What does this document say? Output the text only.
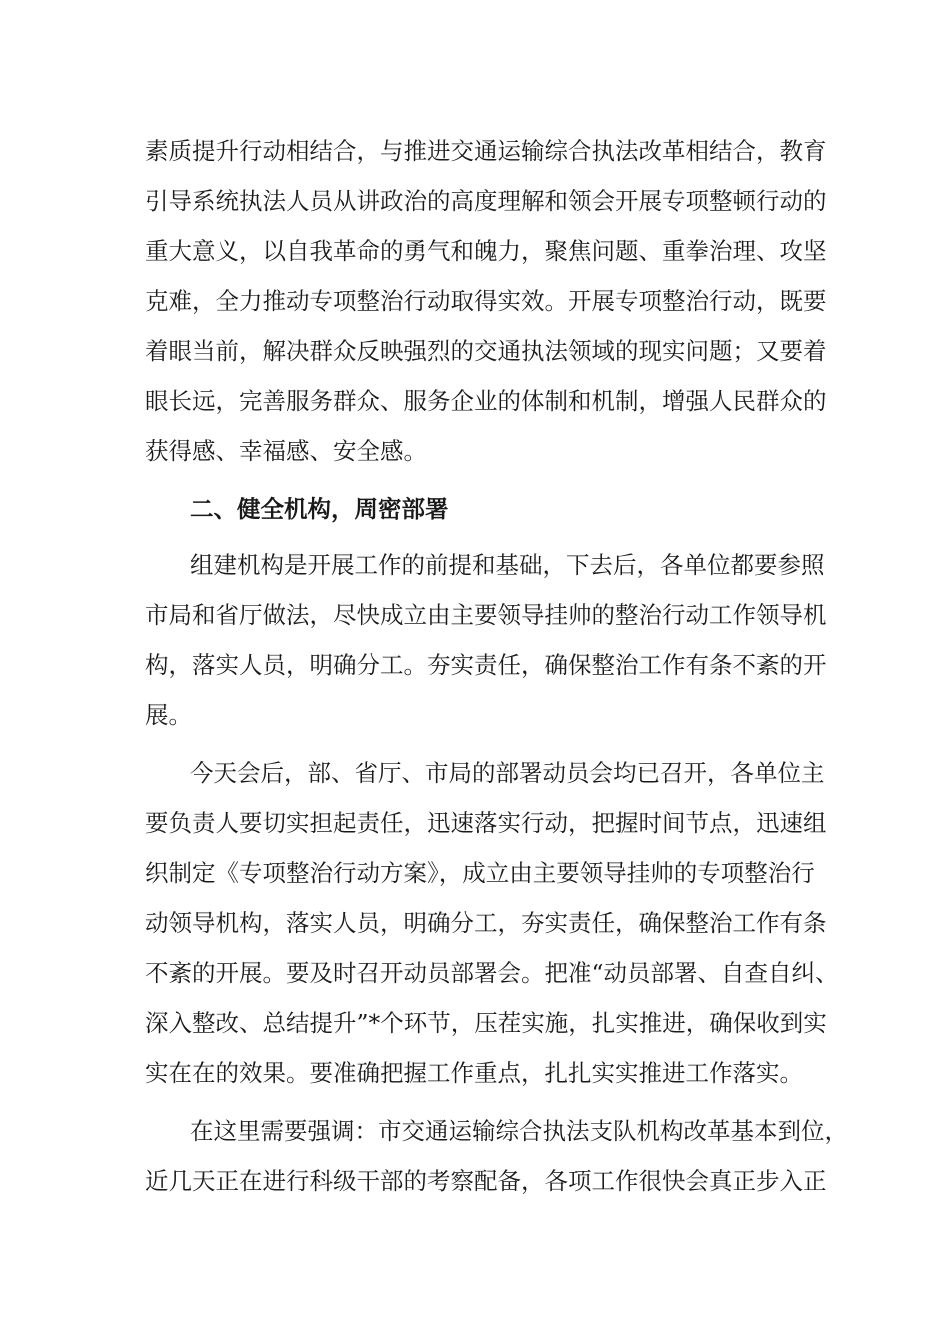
素质提升行动相结合，与推进交通运输综合执法改革相结合，教育
引导系统执法人员从讲政治的高度理解和领会开展专项整顿行动的
重大意义，以自我革命的勇气和魄力，聚焦问题、重拳治理、攻坚
克难，全力推动专项整治行动取得实效。开展专项整治行动，既要
着眼当前，解决群众反映强烈的交通执法领域的现实问题；又要着
眼长远，完善服务群众、服务企业的体制和机制，增强人民群众的
获得感、幸福感、安全感。
二、健全机构，周密部署
组建机构是开展工作的前提和基础，下去后，各单位都要参照
市局和省厅做法，尽快成立由主要领导挂帅的整治行动工作领导机
构，落实人员，明确分工。夯实责任，确保整治工作有条不紊的开
展。
今天会后，部、省厅、市局的部署动员会均已召开，各单位主
要负责人要切实担起责任，迅速落实行动，把握时间节点，迅速组
织制定《专项整治行动方案》，成立由主要领导挂帅的专项整治行
动领导机构，落实人员，明确分工，夯实责任，确保整治工作有条
不紊的开展。要及时召开动员部署会。把准“动员部署、自查自纠、
深入整改、总结提升”*个环节，压茬实施，扎实推进，确保收到实
实在在的效果。要准确把握工作重点，扎扎实实推进工作落实。
在这里需要强调：市交通运输综合执法支队机构改革基本到位，
近几天正在进行科级干部的考察配备，各项工作很快会真正步入正
